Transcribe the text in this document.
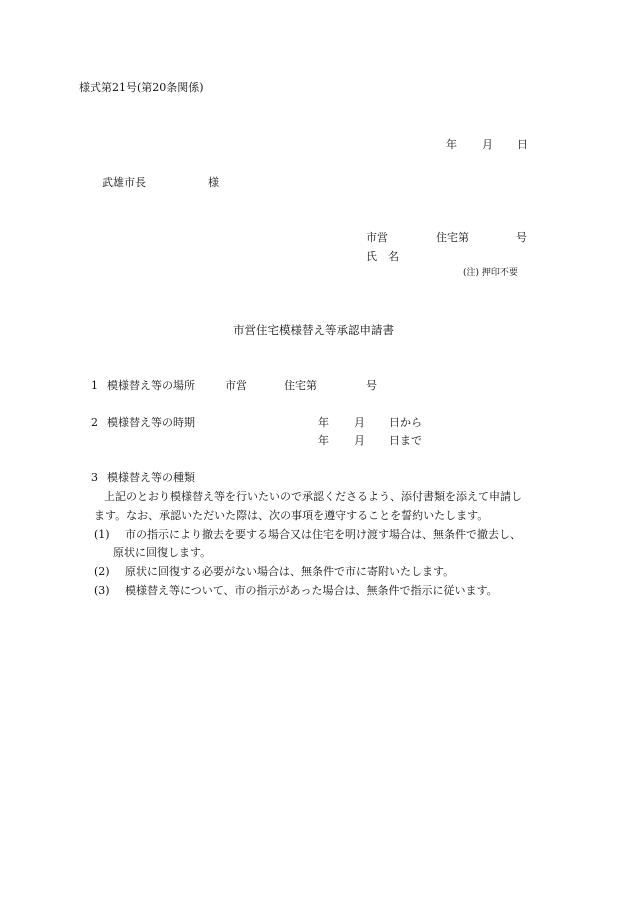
様式第21号(第20条関係)
年 月 日
武雄市長	様
市営	住宅第	号
氏　名
(注) 押印不要
市営住宅模様替え等承認申請書
1 模様替え等の場所	市営	住宅第	号
2 模様替え等の時期	年 月 日から
年 月 日まで
3 模様替え等の種類
上記のとおり模様替え等を行いたいので承認くださるよう、添付書類を添えて申請し
ます。なお、承認いただいた際は、次の事項を遵守することを誓約いたします。
(1) 市の指示により撤去を要する場合又は住宅を明け渡す場合は、無条件で撤去し、
原状に回復します。
(2) 原状に回復する必要がない場合は、無条件で市に寄附いたします。
(3) 模様替え等について、市の指示があった場合は、無条件で指示に従います。
